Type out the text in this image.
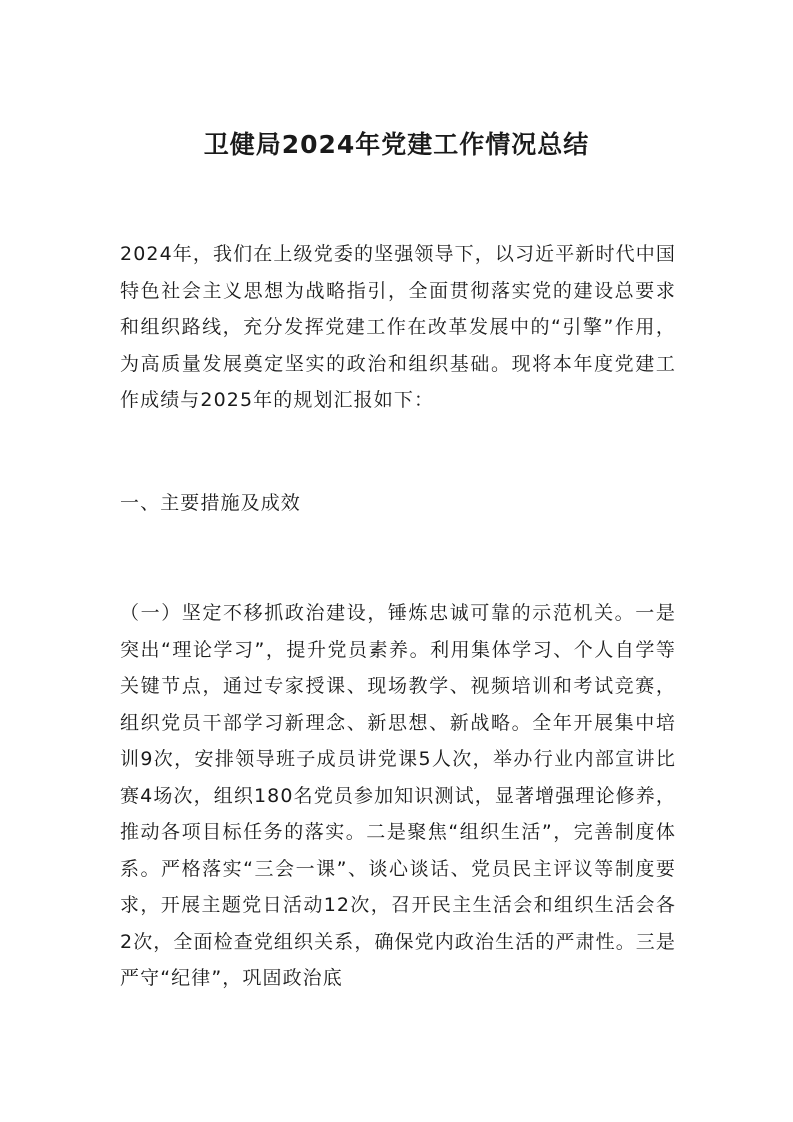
卫健局2024年党建工作情况总结

2024年，我们在上级党委的坚强领导下，以习近平新时代中国特色社会主义思想为战略指引，全面贯彻落实党的建设总要求和组织路线，充分发挥党建工作在改革发展中的“引擎”作用，为高质量发展奠定坚实的政治和组织基础。现将本年度党建工作成绩与2025年的规划汇报如下：

一、主要措施及成效

（一）坚定不移抓政治建设，锤炼忠诚可靠的示范机关。一是突出“理论学习”，提升党员素养。利用集体学习、个人自学等关键节点，通过专家授课、现场教学、视频培训和考试竞赛，组织党员干部学习新理念、新思想、新战略。全年开展集中培训9次，安排领导班子成员讲党课5人次，举办行业内部宣讲比赛4场次，组织180名党员参加知识测试，显著增强理论修养，推动各项目标任务的落实。二是聚焦“组织生活”，完善制度体系。严格落实“三会一课”、谈心谈话、党员民主评议等制度要求，开展主题党日活动12次，召开民主生活会和组织生活会各2次，全面检查党组织关系，确保党内政治生活的严肃性。三是严守“纪律”，巩固政治底
